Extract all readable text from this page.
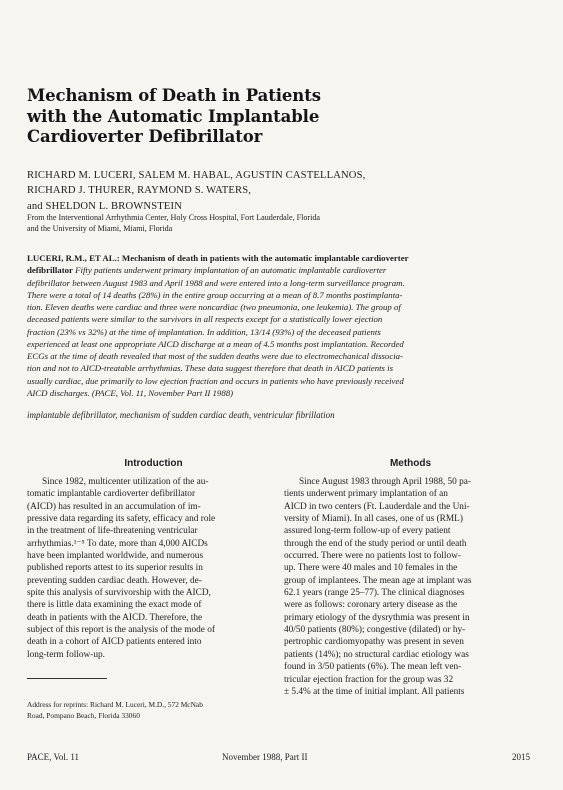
Mechanism of Death in Patients
with the Automatic Implantable
Cardioverter Defibrillator
RICHARD M. LUCERI, SALEM M. HABAL, AGUSTIN CASTELLANOS,
RICHARD J. THURER, RAYMOND S. WATERS,
and SHELDON L. BROWNSTEIN
From the Interventional Arrhythmia Center, Holy Cross Hospital, Fort Lauderdale, Florida
and the University of Miami, Miami, Florida
LUCERI, R.M., ET AL.: Mechanism of death in patients with the automatic implantable cardioverter
defibrillator Fifty patients underwent primary implantation of an automatic implantable cardioverter
defibrillator between August 1983 and April 1988 and were entered into a long-term surveillance program.
There were a total of 14 deaths (28%) in the entire group occurring at a mean of 8.7 months postimplanta-
tion. Eleven deaths were cardiac and three were noncardiac (two pneumonia, one leukemia). The group of
deceased patients were similar to the survivors in all respects except for a statistically lower ejection
fraction (23% vs 32%) at the time of implantation. In addition, 13/14 (93%) of the deceased patients
experienced at least one appropriate AICD discharge at a mean of 4.5 months post implantation. Recorded
ECGs at the time of death revealed that most of the sudden deaths were due to electromechanical dissocia-
tion and not to AICD-treatable arrhythmias. These data suggest therefore that death in AICD patients is
usually cardiac, due primarily to low ejection fraction and occurs in patients who have previously received
AICD discharges. (PACE, Vol. 11, November Part II 1988)
implantable defibrillator, mechanism of sudden cardiac death, ventricular fibrillation
Introduction
Since 1982, multicenter utilization of the au-
tomatic implantable cardioverter defibrillator
(AICD) has resulted in an accumulation of im-
pressive data regarding its safety, efficacy and role
in the treatment of life-threatening ventricular
arrhythmias.¹⁻⁵ To date, more than 4,000 AICDs
have been implanted worldwide, and numerous
published reports attest to its superior results in
preventing sudden cardiac death. However, de-
spite this analysis of survivorship with the AICD,
there is little data examining the exact mode of
death in patients with the AICD. Therefore, the
subject of this report is the analysis of the mode of
death in a cohort of AICD patients entered into
long-term follow-up.
Address for reprints: Richard M. Luceri, M.D., 572 McNab
Road, Pompano Beach, Florida 33060
Methods
Since August 1983 through April 1988, 50 pa-
tients underwent primary implantation of an
AICD in two centers (Ft. Lauderdale and the Uni-
versity of Miami). In all cases, one of us (RML)
assured long-term follow-up of every patient
through the end of the study period or until death
occurred. There were no patients lost to follow-
up. There were 40 males and 10 females in the
group of implantees. The mean age at implant was
62.1 years (range 25–77). The clinical diagnoses
were as follows: coronary artery disease as the
primary etiology of the dysrythmia was present in
40/50 patients (80%); congestive (dilated) or hy-
pertrophic cardiomyopathy was present in seven
patients (14%); no structural cardiac etiology was
found in 3/50 patients (6%). The mean left ven-
tricular ejection fraction for the group was 32
± 5.4% at the time of initial implant. All patients
PACE, Vol. 11	November 1988, Part II	2015
